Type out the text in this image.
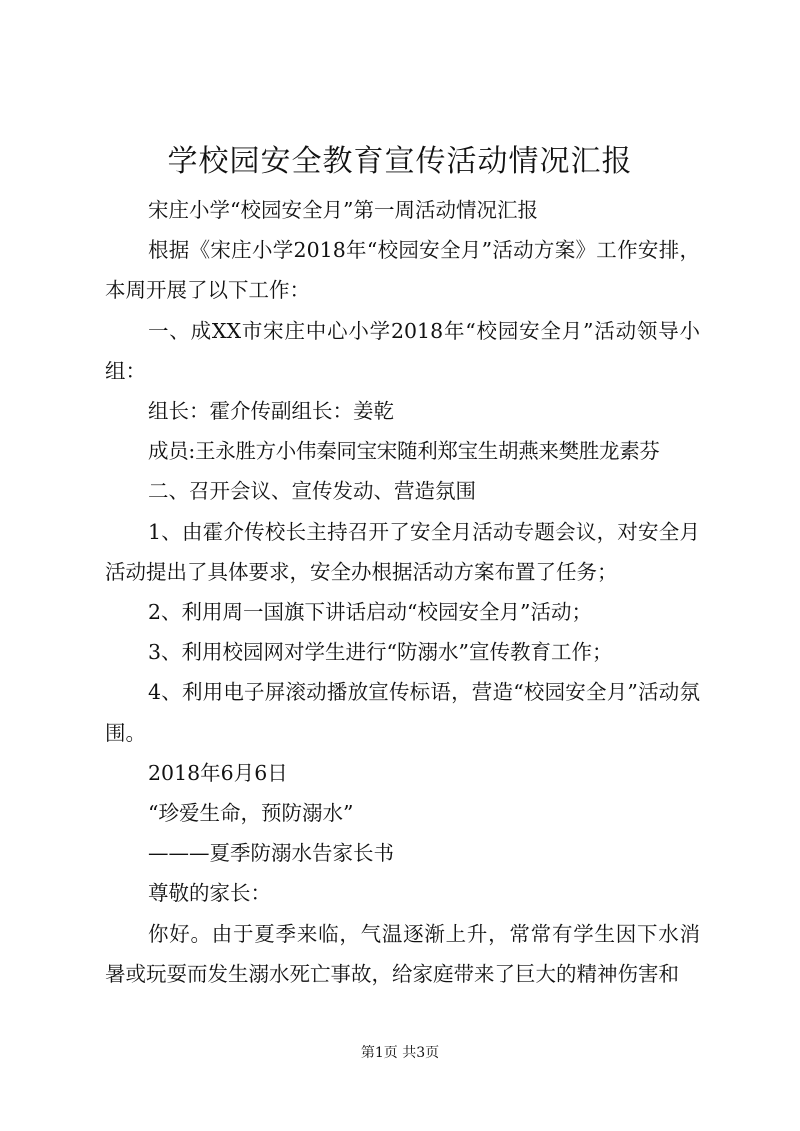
学校园安全教育宣传活动情况汇报

宋庄小学“校园安全月”第一周活动情况汇报

根据《宋庄小学2018年“校园安全月”活动方案》工作安排，本周开展了以下工作：

一、成XX市宋庄中心小学2018年“校园安全月”活动领导小组：

组长：霍介传副组长：姜乾

成员:王永胜方小伟秦同宝宋随利郑宝生胡燕来樊胜龙素芬

二、召开会议、宣传发动、营造氛围

1、由霍介传校长主持召开了安全月活动专题会议，对安全月活动提出了具体要求，安全办根据活动方案布置了任务；

2、利用周一国旗下讲话启动“校园安全月”活动；

3、利用校园网对学生进行“防溺水”宣传教育工作；

4、利用电子屏滚动播放宣传标语，营造“校园安全月”活动氛围。

2018年6月6日

“珍爱生命，预防溺水”

———夏季防溺水告家长书

尊敬的家长：

你好。由于夏季来临，气温逐渐上升，常常有学生因下水消暑或玩耍而发生溺水死亡事故，给家庭带来了巨大的精神伤害和

第1页 共3页
